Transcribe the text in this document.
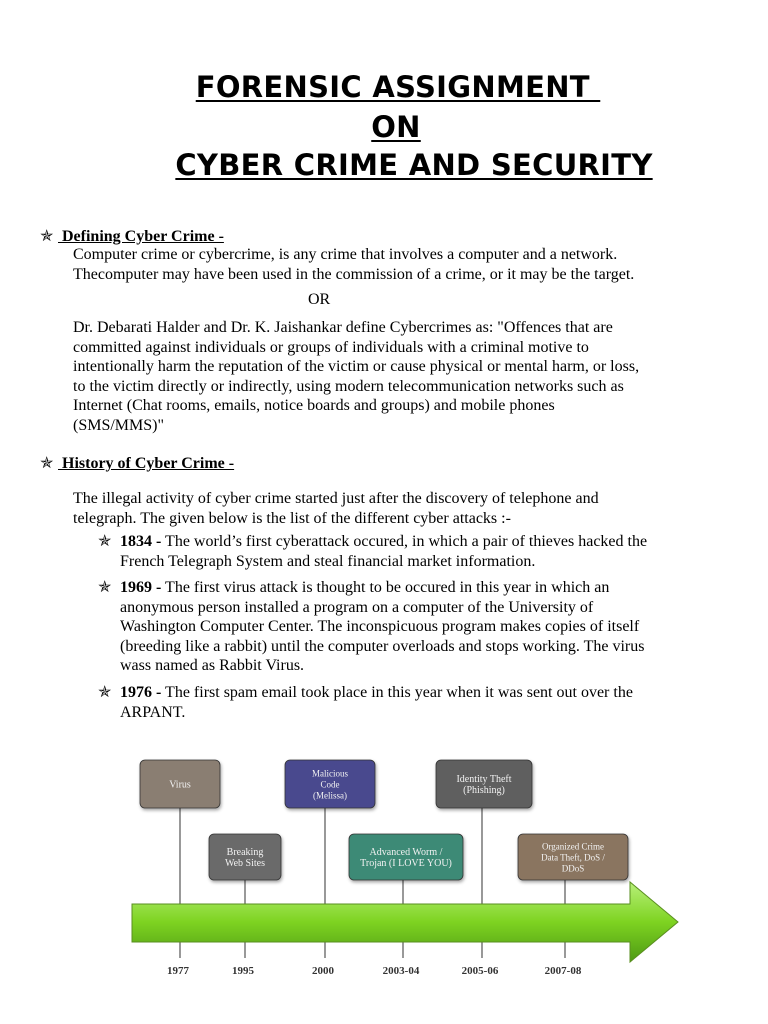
FORENSIC ASSIGNMENT
ON
CYBER CRIME AND SECURITY
✯ Defining Cyber Crime -
Computer crime or cybercrime, is any crime that involves a computer and a network.
Thecomputer may have been used in the commission of a crime, or it may be the target.
OR
Dr. Debarati Halder and Dr. K. Jaishankar define Cybercrimes as: "Offences that are
committed against individuals or groups of individuals with a criminal motive to
intentionally harm the reputation of the victim or cause physical or mental harm, or loss,
to the victim directly or indirectly, using modern telecommunication networks such as
Internet (Chat rooms, emails, notice boards and groups) and mobile phones
(SMS/MMS)"
✯ History of Cyber Crime -
The illegal activity of cyber crime started just after the discovery of telephone and
telegraph. The given below is the list of the different cyber attacks :-
✯ 1834 - The world’s first cyberattack occured, in which a pair of thieves hacked the
French Telegraph System and steal financial market information.
✯ 1969 - The first virus attack is thought to be occured in this year in which an
anonymous person installed a program on a computer of the University of
Washington Computer Center. The inconspicuous program makes copies of itself
(breeding like a rabbit) until the computer overloads and stops working. The virus
wass named as Rabbit Virus.
✯ 1976 - The first spam email took place in this year when it was sent out over the
ARPANT.
Virus
Breaking
Web Sites
Malicious
Code
(Melissa)
Advanced Worm /
Trojan (I LOVE YOU)
Identity Theft
(Phishing)
Organized Crime
Data Theft, DoS /
DDoS
1977	1995	2000	2003-04	2005-06	2007-08
